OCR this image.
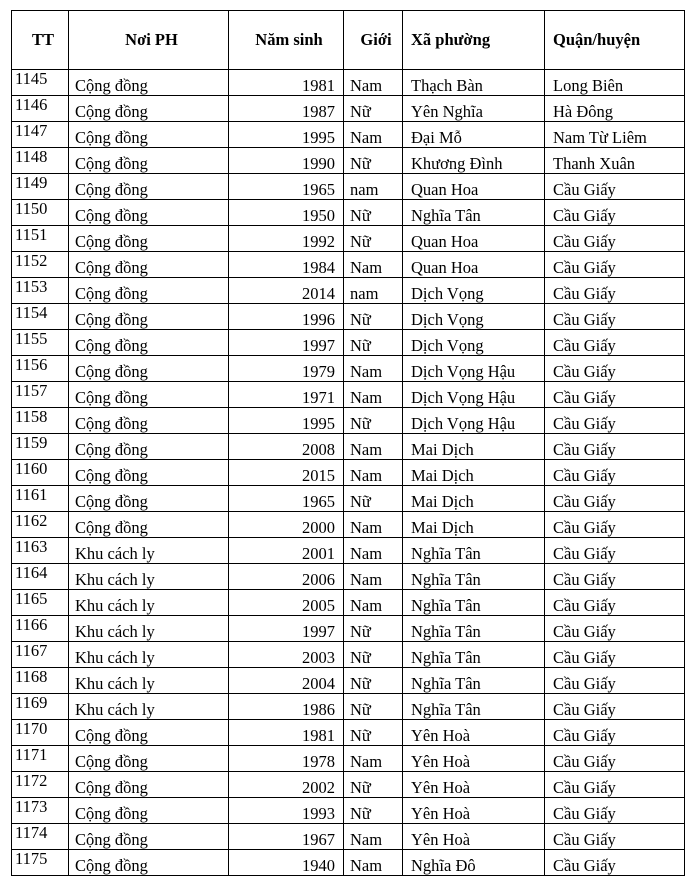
TT	Nơi PH	Năm sinh	Giới	Xã phường	Quận/huyện
1145	Cộng đồng	1981	Nam	Thạch Bàn	Long Biên
1146	Cộng đồng	1987	Nữ	Yên Nghĩa	Hà Đông
1147	Cộng đồng	1995	Nam	Đại Mỗ	Nam Từ Liêm
1148	Cộng đồng	1990	Nữ	Khương Đình	Thanh Xuân
1149	Cộng đồng	1965	nam	Quan Hoa	Cầu Giấy
1150	Cộng đồng	1950	Nữ	Nghĩa Tân	Cầu Giấy
1151	Cộng đồng	1992	Nữ	Quan Hoa	Cầu Giấy
1152	Cộng đồng	1984	Nam	Quan Hoa	Cầu Giấy
1153	Cộng đồng	2014	nam	Dịch Vọng	Cầu Giấy
1154	Cộng đồng	1996	Nữ	Dịch Vọng	Cầu Giấy
1155	Cộng đồng	1997	Nữ	Dịch Vọng	Cầu Giấy
1156	Cộng đồng	1979	Nam	Dịch Vọng Hậu	Cầu Giấy
1157	Cộng đồng	1971	Nam	Dịch Vọng Hậu	Cầu Giấy
1158	Cộng đồng	1995	Nữ	Dịch Vọng Hậu	Cầu Giấy
1159	Cộng đồng	2008	Nam	Mai Dịch	Cầu Giấy
1160	Cộng đồng	2015	Nam	Mai Dịch	Cầu Giấy
1161	Cộng đồng	1965	Nữ	Mai Dịch	Cầu Giấy
1162	Cộng đồng	2000	Nam	Mai Dịch	Cầu Giấy
1163	Khu cách ly	2001	Nam	Nghĩa Tân	Cầu Giấy
1164	Khu cách ly	2006	Nam	Nghĩa Tân	Cầu Giấy
1165	Khu cách ly	2005	Nam	Nghĩa Tân	Cầu Giấy
1166	Khu cách ly	1997	Nữ	Nghĩa Tân	Cầu Giấy
1167	Khu cách ly	2003	Nữ	Nghĩa Tân	Cầu Giấy
1168	Khu cách ly	2004	Nữ	Nghĩa Tân	Cầu Giấy
1169	Khu cách ly	1986	Nữ	Nghĩa Tân	Cầu Giấy
1170	Cộng đồng	1981	Nữ	Yên Hoà	Cầu Giấy
1171	Cộng đồng	1978	Nam	Yên Hoà	Cầu Giấy
1172	Cộng đồng	2002	Nữ	Yên Hoà	Cầu Giấy
1173	Cộng đồng	1993	Nữ	Yên Hoà	Cầu Giấy
1174	Cộng đồng	1967	Nam	Yên Hoà	Cầu Giấy
1175	Cộng đồng	1940	Nam	Nghĩa Đô	Cầu Giấy
